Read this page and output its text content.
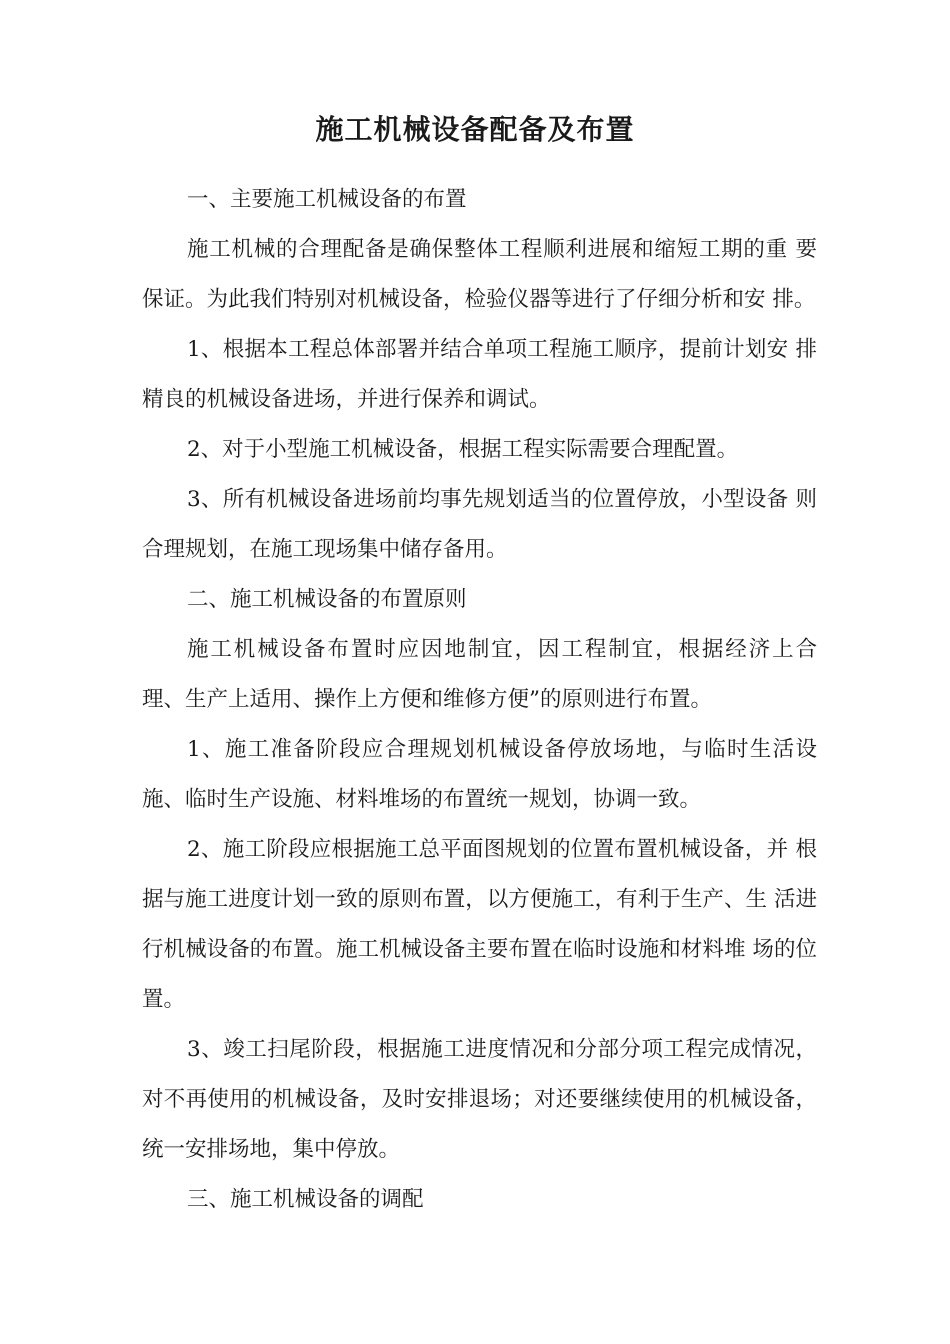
施工机械设备配备及布置

一、主要施工机械设备的布置

施工机械的合理配备是确保整体工程顺利进展和缩短工期的重 要保证。为此我们特别对机械设备，检验仪器等进行了仔细分析和安 排。

1、根据本工程总体部署并结合单项工程施工顺序，提前计划安 排精良的机械设备进场，并进行保养和调试。

2、对于小型施工机械设备，根据工程实际需要合理配置。

3、所有机械设备进场前均事先规划适当的位置停放，小型设备 则合理规划，在施工现场集中储存备用。

二、施工机械设备的布置原则

施工机械设备布置时应因地制宜，因工程制宜，根据经济上合 理、生产上适用、操作上方便和维修方便”的原则进行布置。

1、施工准备阶段应合理规划机械设备停放场地，与临时生活设施、临时生产设施、材料堆场的布置统一规划，协调一致。

2、施工阶段应根据施工总平面图规划的位置布置机械设备，并 根据与施工进度计划一致的原则布置，以方便施工，有利于生产、生 活进行机械设备的布置。施工机械设备主要布置在临时设施和材料堆 场的位置。

3、竣工扫尾阶段，根据施工进度情况和分部分项工程完成情况，对不再使用的机械设备，及时安排退场；对还要继续使用的机械设备，统一安排场地，集中停放。

三、施工机械设备的调配
